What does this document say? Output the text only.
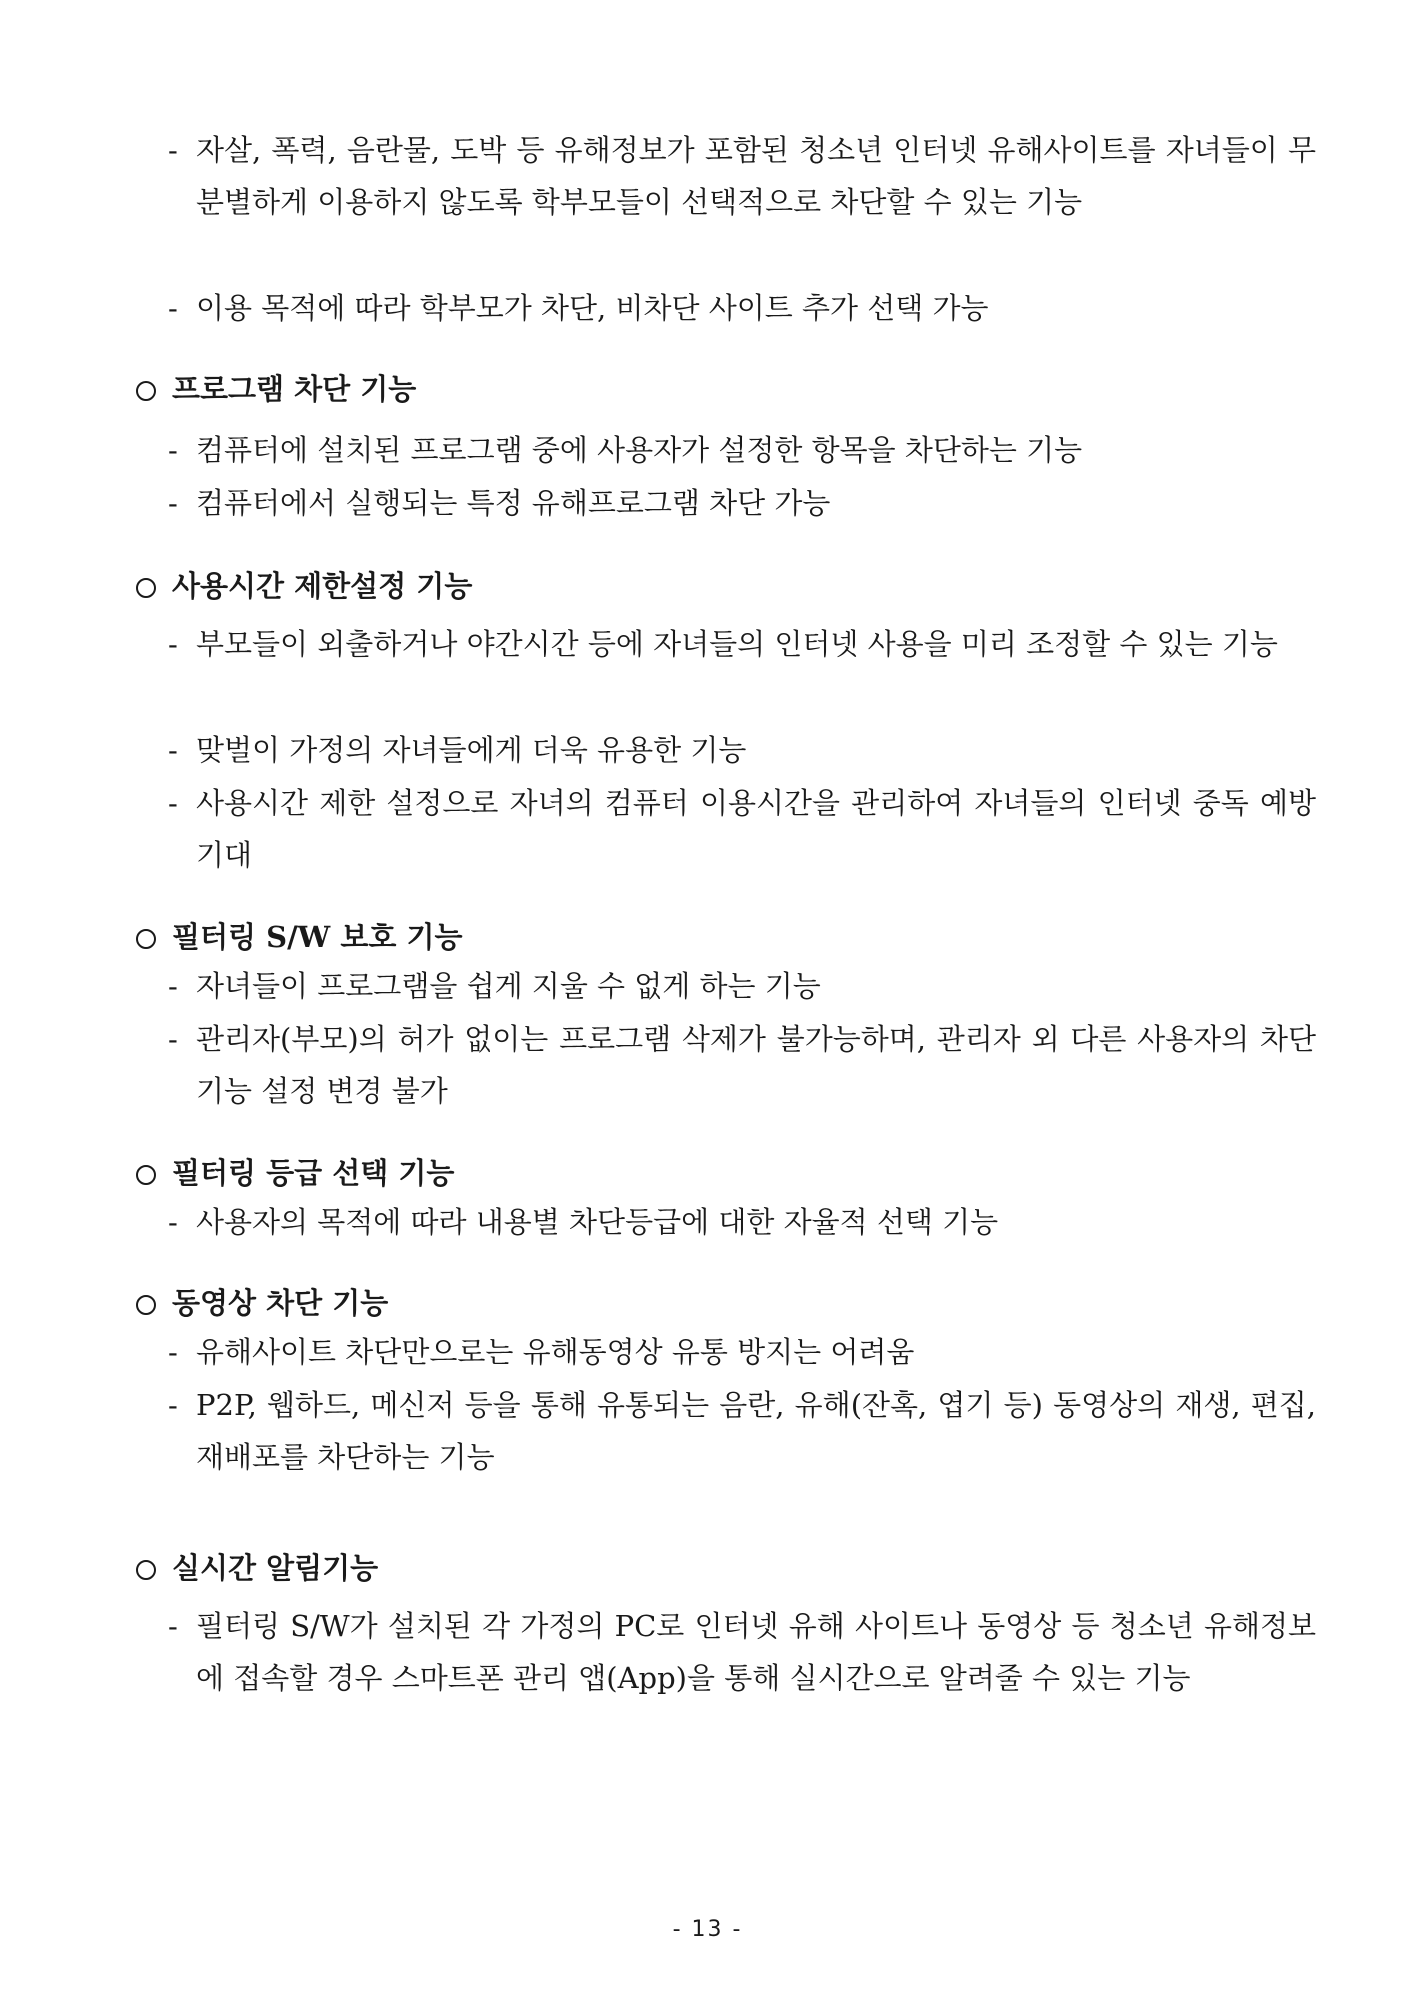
- 자살, 폭력, 음란물, 도박 등 유해정보가 포함된 청소년 인터넷 유해사이트를 자녀들이 무분별하게 이용하지 않도록 학부모들이 선택적으로 차단할 수 있는 기능
- 이용 목적에 따라 학부모가 차단, 비차단 사이트 추가 선택 가능
프로그램 차단 기능
- 컴퓨터에 설치된 프로그램 중에 사용자가 설정한 항목을 차단하는 기능
- 컴퓨터에서 실행되는 특정 유해프로그램 차단 가능
사용시간 제한설정 기능
- 부모들이 외출하거나 야간시간 등에 자녀들의 인터넷 사용을 미리 조정할 수 있는 기능
- 맞벌이 가정의 자녀들에게 더욱 유용한 기능
- 사용시간 제한 설정으로 자녀의 컴퓨터 이용시간을 관리하여 자녀들의 인터넷 중독 예방 기대
필터링 S/W 보호 기능
- 자녀들이 프로그램을 쉽게 지울 수 없게 하는 기능
- 관리자(부모)의 허가 없이는 프로그램 삭제가 불가능하며, 관리자 외 다른 사용자의 차단기능 설정 변경 불가
필터링 등급 선택 기능
- 사용자의 목적에 따라 내용별 차단등급에 대한 자율적 선택 기능
동영상 차단 기능
- 유해사이트 차단만으로는 유해동영상 유통 방지는 어려움
- P2P, 웹하드, 메신저 등을 통해 유통되는 음란, 유해(잔혹, 엽기 등) 동영상의 재생, 편집, 재배포를 차단하는 기능
실시간 알림기능
- 필터링 S/W가 설치된 각 가정의 PC로 인터넷 유해 사이트나 동영상 등 청소년 유해정보에 접속할 경우 스마트폰 관리 앱(App)을 통해 실시간으로 알려줄 수 있는 기능
- 13 -
